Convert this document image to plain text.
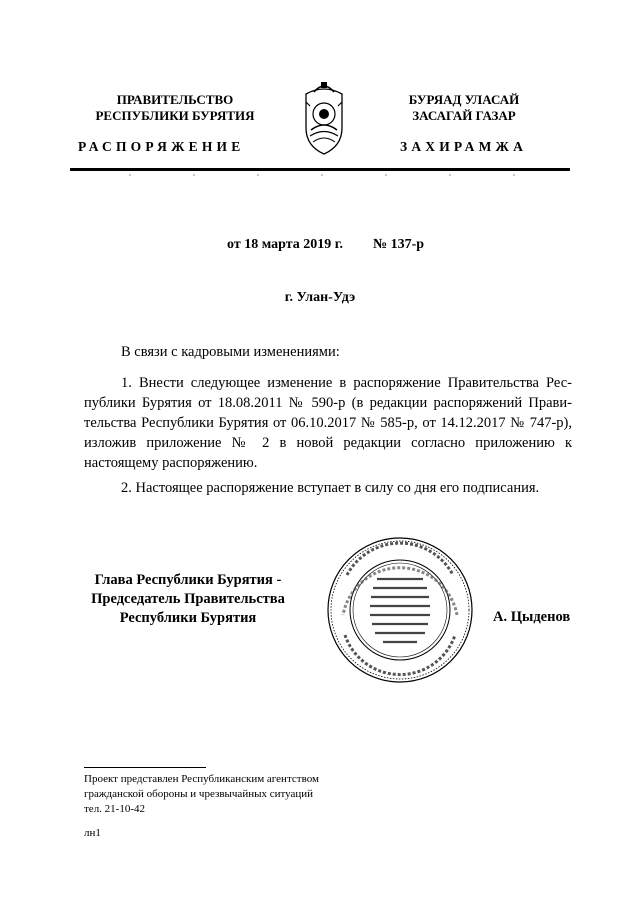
ПРАВИТЕЛЬСТВО
РЕСПУБЛИКИ БУРЯТИЯ
РАСПОРЯЖЕНИЕ
БУРЯАД УЛАСАЙ
ЗАСАГАЙ ГАЗАР
ЗАХИРАМЖА
от 18 марта 2019 г. № 137-р
г. Улан-Удэ
В связи с кадровыми изменениями:
1. Внести следующее изменение в распоряжение Правительства Республики Бурятия от 18.08.2011 № 590-р (в редакции распоряжений Правительства Республики Бурятия от 06.10.2017 № 585-р, от 14.12.2017 № 747-р), изложив приложение № 2 в новой редакции согласно приложению к настоящему распоряжению.
2. Настоящее распоряжение вступает в силу со дня его подписания.
Глава Республики Бурятия -
Председатель Правительства
Республики Бурятия	А. Цыденов
Проект представлен Республиканским агентством
гражданской обороны и чрезвычайных ситуаций
тел. 21-10-42
лн1
